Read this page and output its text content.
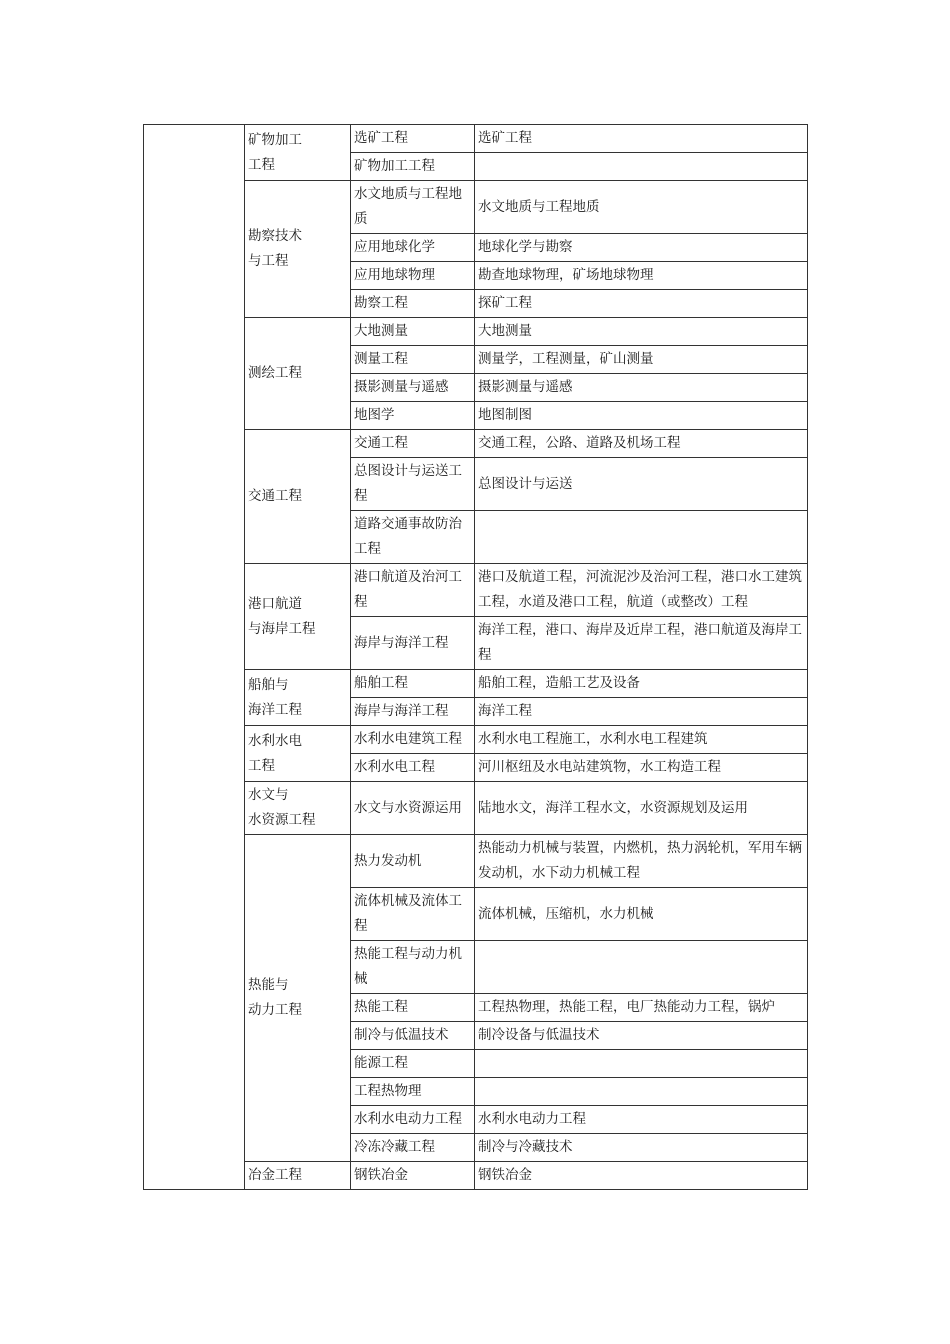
	矿物加工
工程	选矿工程	选矿工程
		矿物加工工程	
	勘察技术
与工程	水文地质与工程地质	水文地质与工程地质
		应用地球化学	地球化学与勘察
		应用地球物理	勘查地球物理，矿场地球物理
		勘察工程	探矿工程
	测绘工程	大地测量	大地测量
		测量工程	测量学，工程测量，矿山测量
		摄影测量与遥感	摄影测量与遥感
		地图学	地图制图
	交通工程	交通工程	交通工程，公路、道路及机场工程
		总图设计与运送工程	总图设计与运送
		道路交通事故防治工程	
	港口航道
与海岸工程	港口航道及治河工程	港口及航道工程，河流泥沙及治河工程，港口水工建筑工程，水道及港口工程，航道（或整改）工程
		海岸与海洋工程	海洋工程，港口、海岸及近岸工程，港口航道及海岸工程
	船舶与
海洋工程	船舶工程	船舶工程，造船工艺及设备
		海岸与海洋工程	海洋工程
	水利水电
工程	水利水电建筑工程	水利水电工程施工，水利水电工程建筑
		水利水电工程	河川枢纽及水电站建筑物，水工构造工程
	水文与
水资源工程	水文与水资源运用	陆地水文，海洋工程水文，水资源规划及运用
	热能与
动力工程	热力发动机	热能动力机械与装置，内燃机，热力涡轮机，军用车辆发动机，水下动力机械工程
		流体机械及流体工程	流体机械，压缩机，水力机械
		热能工程与动力机械	
		热能工程	工程热物理，热能工程，电厂热能动力工程，锅炉
		制冷与低温技术	制冷设备与低温技术
		能源工程	
		工程热物理	
		水利水电动力工程	水利水电动力工程
		冷冻冷藏工程	制冷与冷藏技术
	冶金工程	钢铁冶金	钢铁冶金
